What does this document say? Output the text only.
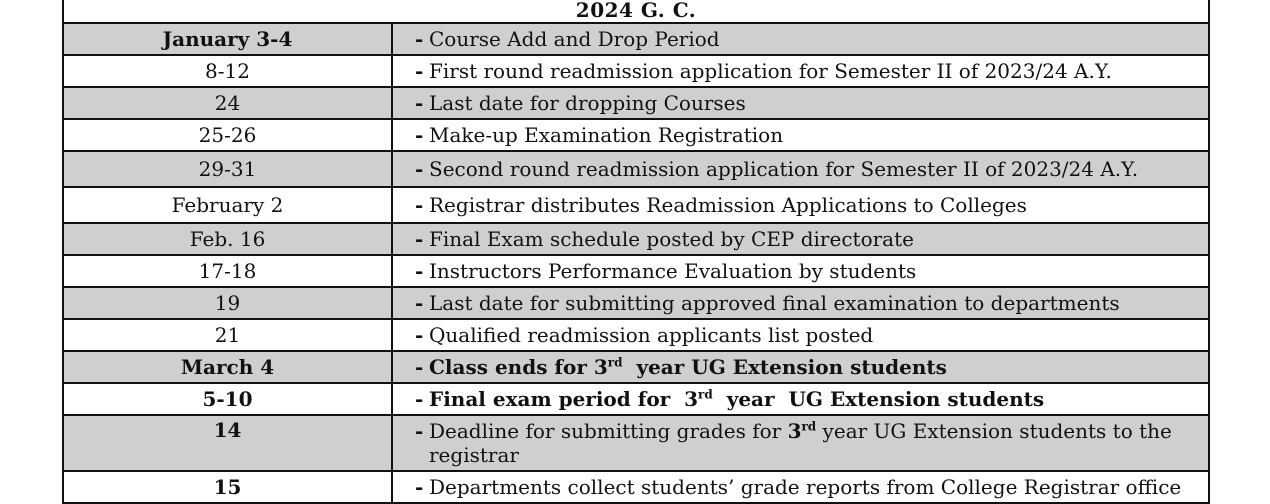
2024 G. C.	
January 3-4	- Course Add and Drop Period

8-12	- First round readmission application for Semester II of 2023/24 A.Y.

24	- Last date for dropping Courses

25-26	- Make-up Examination Registration

29-31	- Second round readmission application for Semester II of 2023/24 A.Y.

February 2	- Registrar distributes Readmission Applications to Colleges

Feb. 16	- Final Exam schedule posted by CEP directorate

17-18	- Instructors Performance Evaluation by students

19	- Last date for submitting approved final examination to departments

21	- Qualified readmission applicants list posted

March 4	- Class ends for 3rd  year UG Extension students

5-10	- Final exam period for  3rd  year  UG Extension students

14	- Deadline for submitting grades for 3rd year UG Extension students to the registrar

15	- Departments collect students’ grade reports from College Registrar office
